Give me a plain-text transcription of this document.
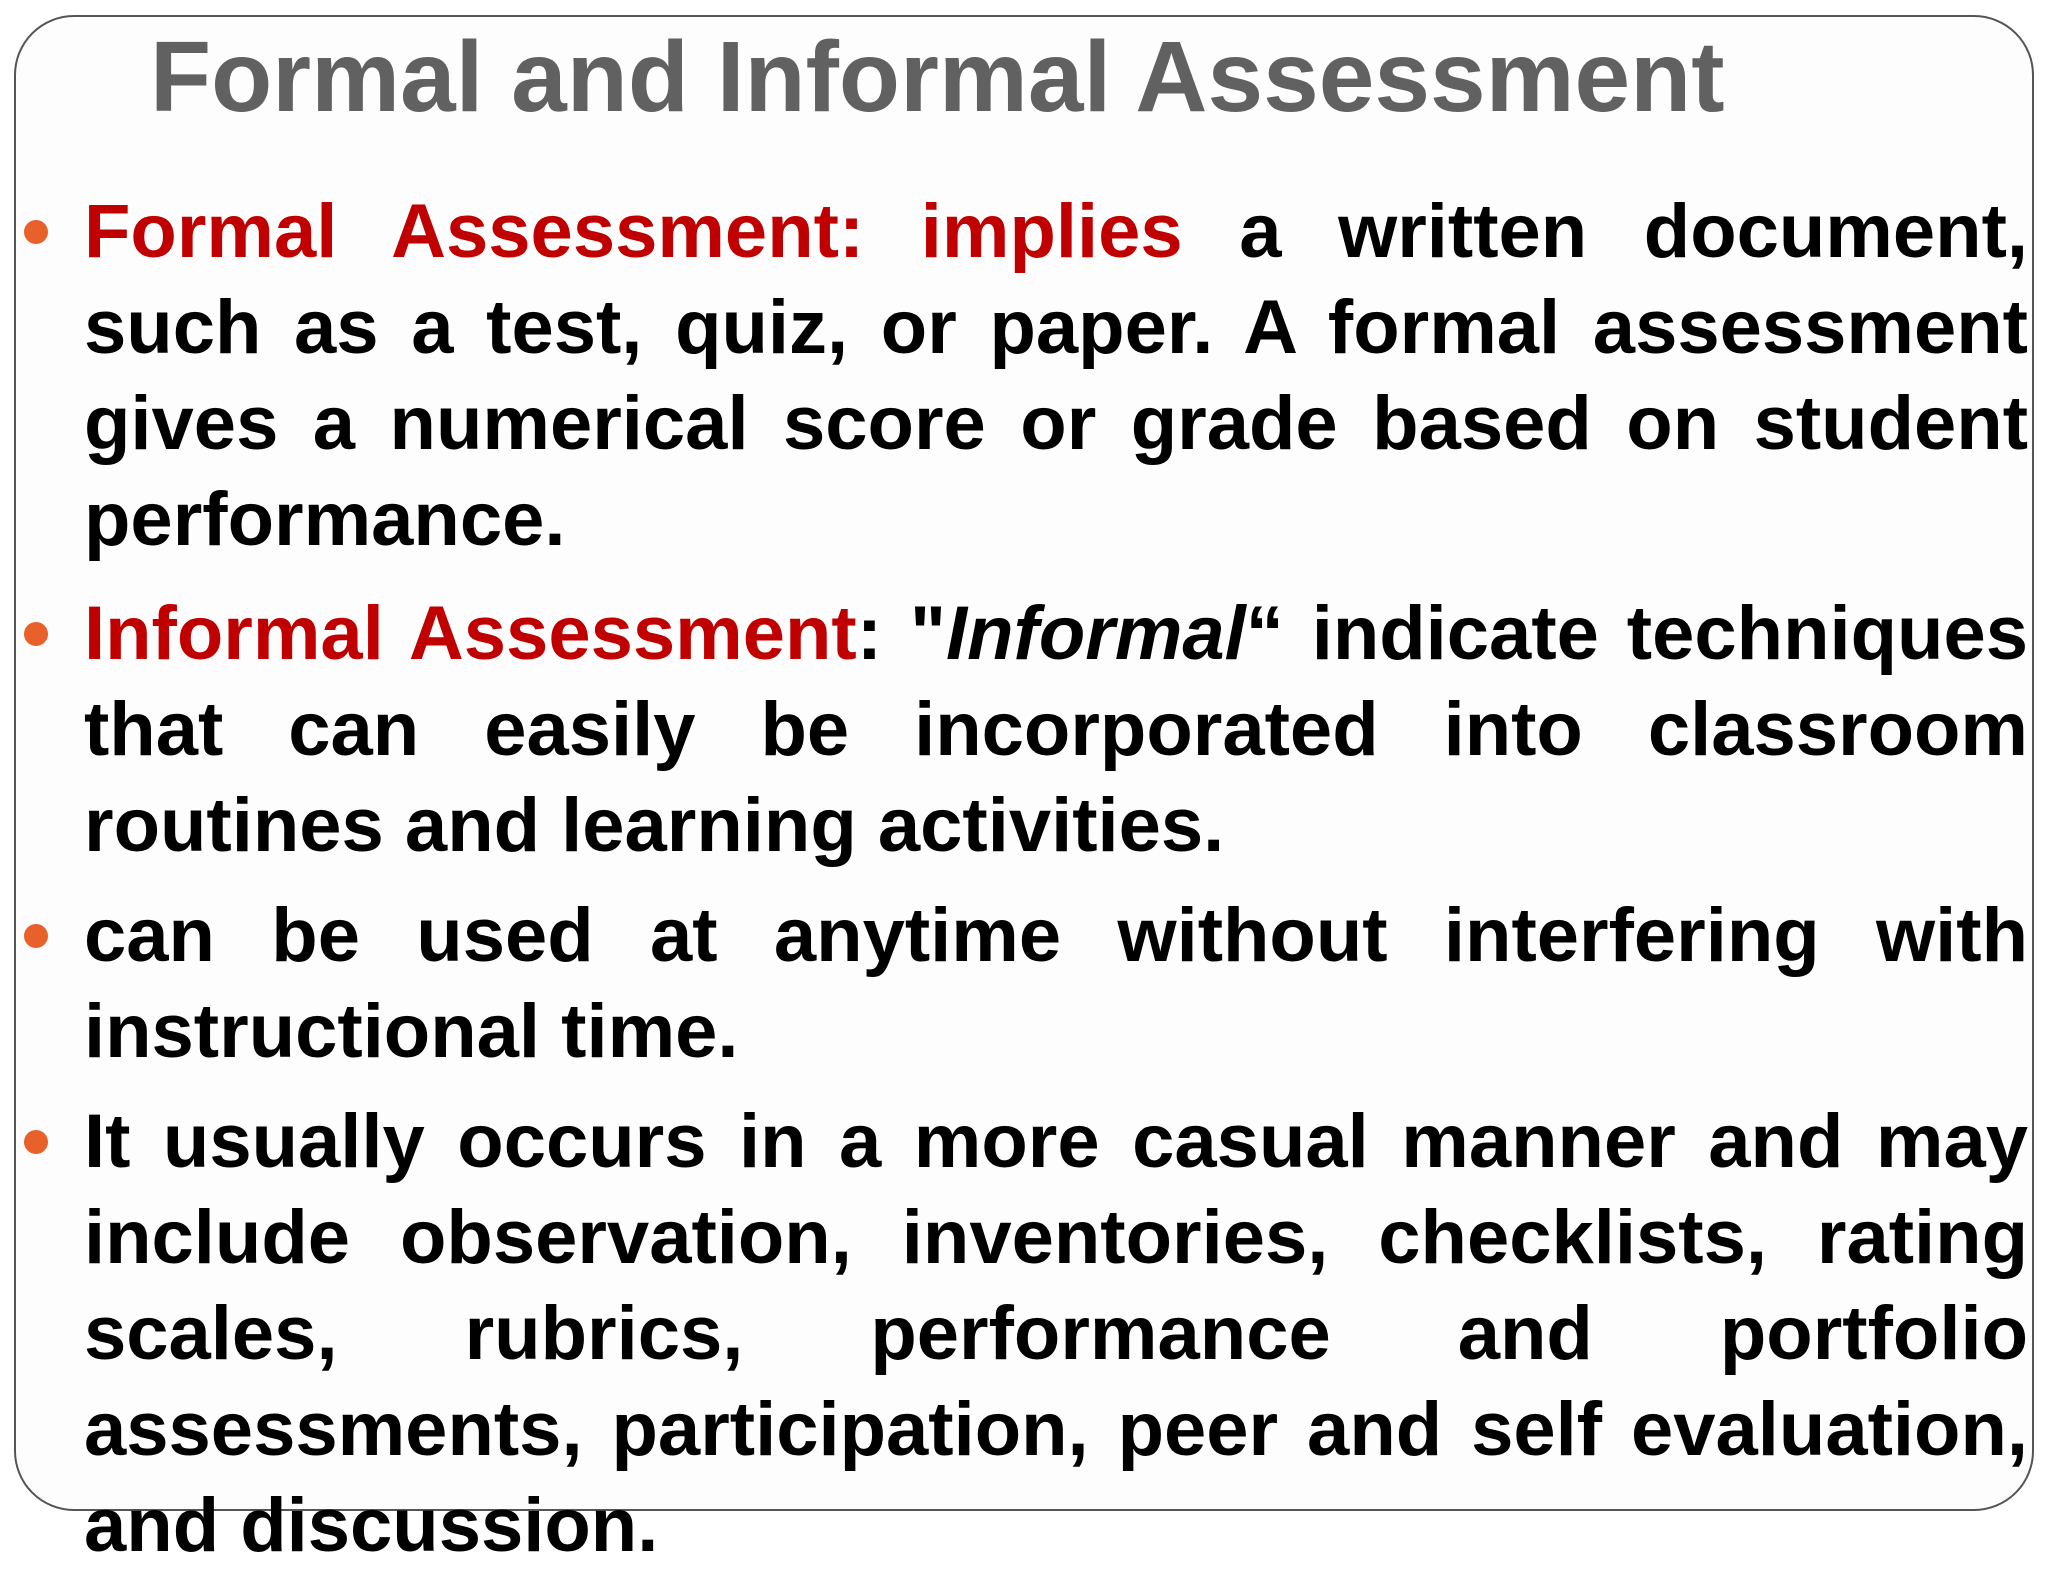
Formal and Informal Assessment

Formal Assessment: implies a written document, such as a test, quiz, or paper. A formal assessment gives a numerical score or grade based on student performance.

Informal Assessment: "Informal“ indicate techniques that can easily be incorporated into classroom routines and learning activities.

can be used at anytime without interfering with instructional time.

It usually occurs in a more casual manner and may include observation, inventories, checklists, rating scales, rubrics, performance and portfolio assessments, participation, peer and self evaluation, and discussion.
